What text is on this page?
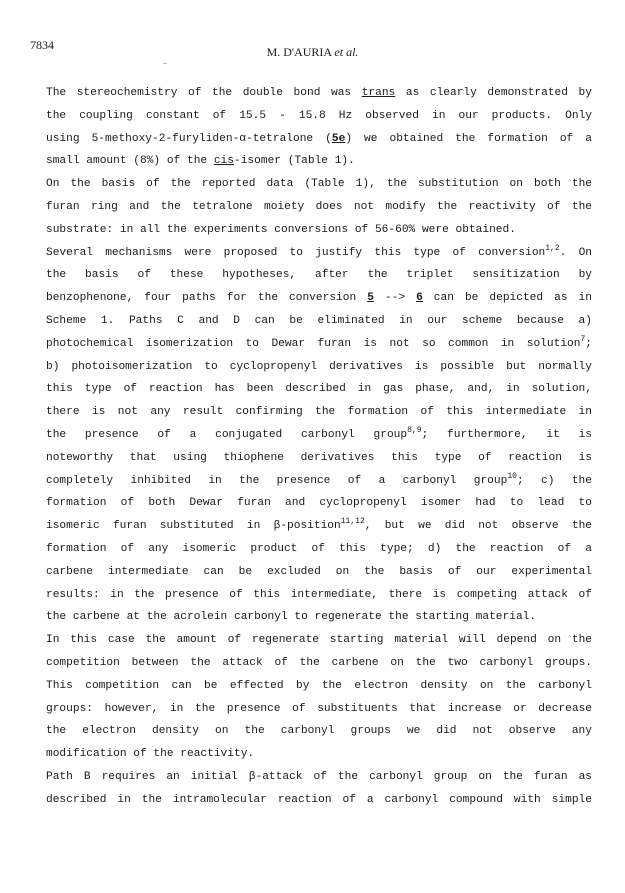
7834	M. D'AURIA et al.
The stereochemistry of the double bond was trans as clearly demonstrated by
the coupling constant of 15.5 - 15.8 Hz observed in our products. Only
using 5-methoxy-2-furyliden-α-tetralone (5e) we obtained the formation of a
small amount (8%) of the cis-isomer (Table 1).
On the basis of the reported data (Table 1), the substitution on both the
furan ring and the tetralone moiety does not modify the reactivity of the
substrate: in all the experiments conversions of 56-60% were obtained.
Several mechanisms were proposed to justify this type of conversion$^{1,2}$. On
the basis of these hypotheses, after the triplet sensitization by
benzophenone, four paths for the conversion 5 --> 6 can be depicted as in
Scheme 1. Paths C and D can be eliminated in our scheme because a)
photochemical isomerization to Dewar furan is not so common in solution$^7$;
b) photoisomerization to cyclopropenyl derivatives is possible but normally
this type of reaction has been described in gas phase, and, in solution,
there is not any result confirming the formation of this intermediate in
the presence of a conjugated carbonyl group$^{8,9}$; furthermore, it is
noteworthy that using thiophene derivatives this type of reaction is
completely inhibited in the presence of a carbonyl group$^{10}$; c) the
formation of both Dewar furan and cyclopropenyl isomer had to lead to
isomeric furan substituted in β-position$^{11,12}$, but we did not observe the
formation of any isomeric product of this type; d) the reaction of a
carbene intermediate can be excluded on the basis of our experimental
results: in the presence of this intermediate, there is competing attack of
the carbene at the acrolein carbonyl to regenerate the starting material.
In this case the amount of regenerate starting material will depend on the
competition between the attack of the carbene on the two carbonyl groups.
This competition can be effected by the electron density on the carbonyl
groups: however, in the presence of substituents that increase or decrease
the electron density on the carbonyl groups we did not observe any
modification of the reactivity.
Path B requires an initial β-attack of the carbonyl group on the furan as
described in the intramolecular reaction of a carbonyl compound with simple
